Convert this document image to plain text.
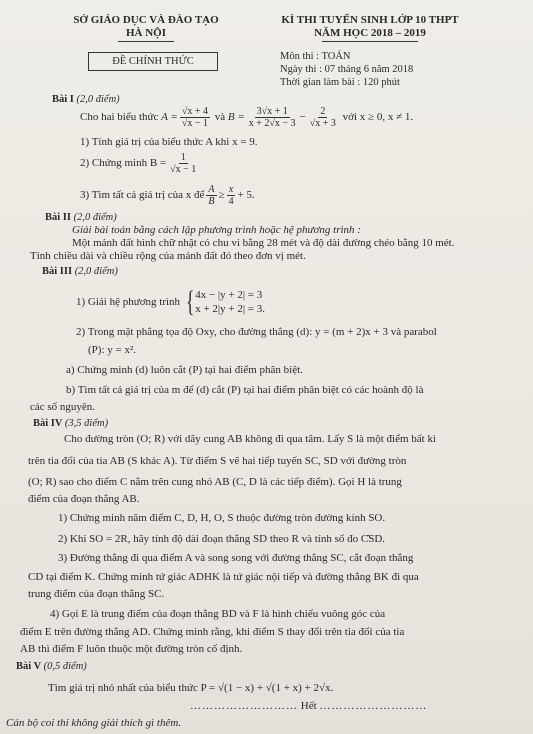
SỞ GIÁO DỤC VÀ ĐÀO TẠO
HÀ NỘI
KÌ THI TUYỂN SINH LỚP 10 THPT
NĂM HỌC 2018 – 2019
ĐỀ CHÍNH THỨC	Môn thi : TOÁN
Ngày thi : 07 tháng 6 năm 2018
Thời gian làm bài : 120 phút
Bài I (2,0 điểm)
Cho hai biểu thức
$A = \frac{√x + 4}{√x - 1}$
và
$B = \frac{3√x + 1}{x + 2√x - 3} - \frac{2}{√x + 3}$
với x ≥ 0, x ≠ 1.
1) Tính giá trị của biểu thức A khi x = 9.
2) Chứng minh $B = \frac{1}{√x - 1}$
3) Tìm tất cả giá trị của x để $\frac{A}{B} \ge \frac{x}{4} + 5$.
Bài II (2,0 điểm)
Giải bài toán bằng cách lập phương trình hoặc hệ phương trình :
Một mảnh đất hình chữ nhật có chu vi bằng 28 mét và độ dài đường chéo bằng 10 mét.
Tính chiều dài và chiều rộng của mảnh đất đó theo đơn vị mét.
Bài III (2,0 điểm)
1) Giải hệ phương trình
{ 4x − |y + 2| = 3
x + 2|y + 2| = 3.
2) Trong mặt phẳng tọa độ Oxy, cho đường thẳng (d): y = (m + 2)x + 3 và parabol
(P): y = x².
a) Chứng minh (d) luôn cắt (P) tại hai điểm phân biệt.
b) Tìm tất cả giá trị của m để (d) cắt (P) tại hai điểm phân biệt có các hoành độ là
các số nguyên.
Bài IV (3,5 điểm)
Cho đường tròn (O; R) với dây cung AB không đi qua tâm. Lấy S là một điểm bất kì
trên tia đối của tia AB (S khác A). Từ điểm S vẽ hai tiếp tuyến SC, SD với đường tròn
(O; R) sao cho điểm C nằm trên cung nhỏ AB (C, D là các tiếp điểm). Gọi H là trung
điểm của đoạn thẳng AB.
1) Chứng minh năm điểm C, D, H, O, S thuộc đường tròn đường kính SO.
2) Khi SO = 2R, hãy tính độ dài đoạn thẳng SD theo R và tính số đo C̑SD.
3) Đường thẳng đi qua điểm A và song song với đường thẳng SC, cắt đoạn thẳng
CD tại điểm K. Chứng minh tứ giác ADHK là tứ giác nội tiếp và đường thẳng BK đi qua
trung điểm của đoạn thẳng SC.
4) Gọi E là trung điểm của đoạn thẳng BD và F là hình chiếu vuông góc của
điểm E trên đường thẳng AD. Chứng minh rằng, khi điểm S thay đổi trên tia đối của tia
AB thì điểm F luôn thuộc một đường tròn cố định.
Bài V (0,5 điểm)
Tìm giá trị nhỏ nhất của biểu thức P = √(1 − x) + √(1 + x) + 2√x.
……………………… Hết ………………………
Cán bộ coi thi không giải thích gì thêm.
